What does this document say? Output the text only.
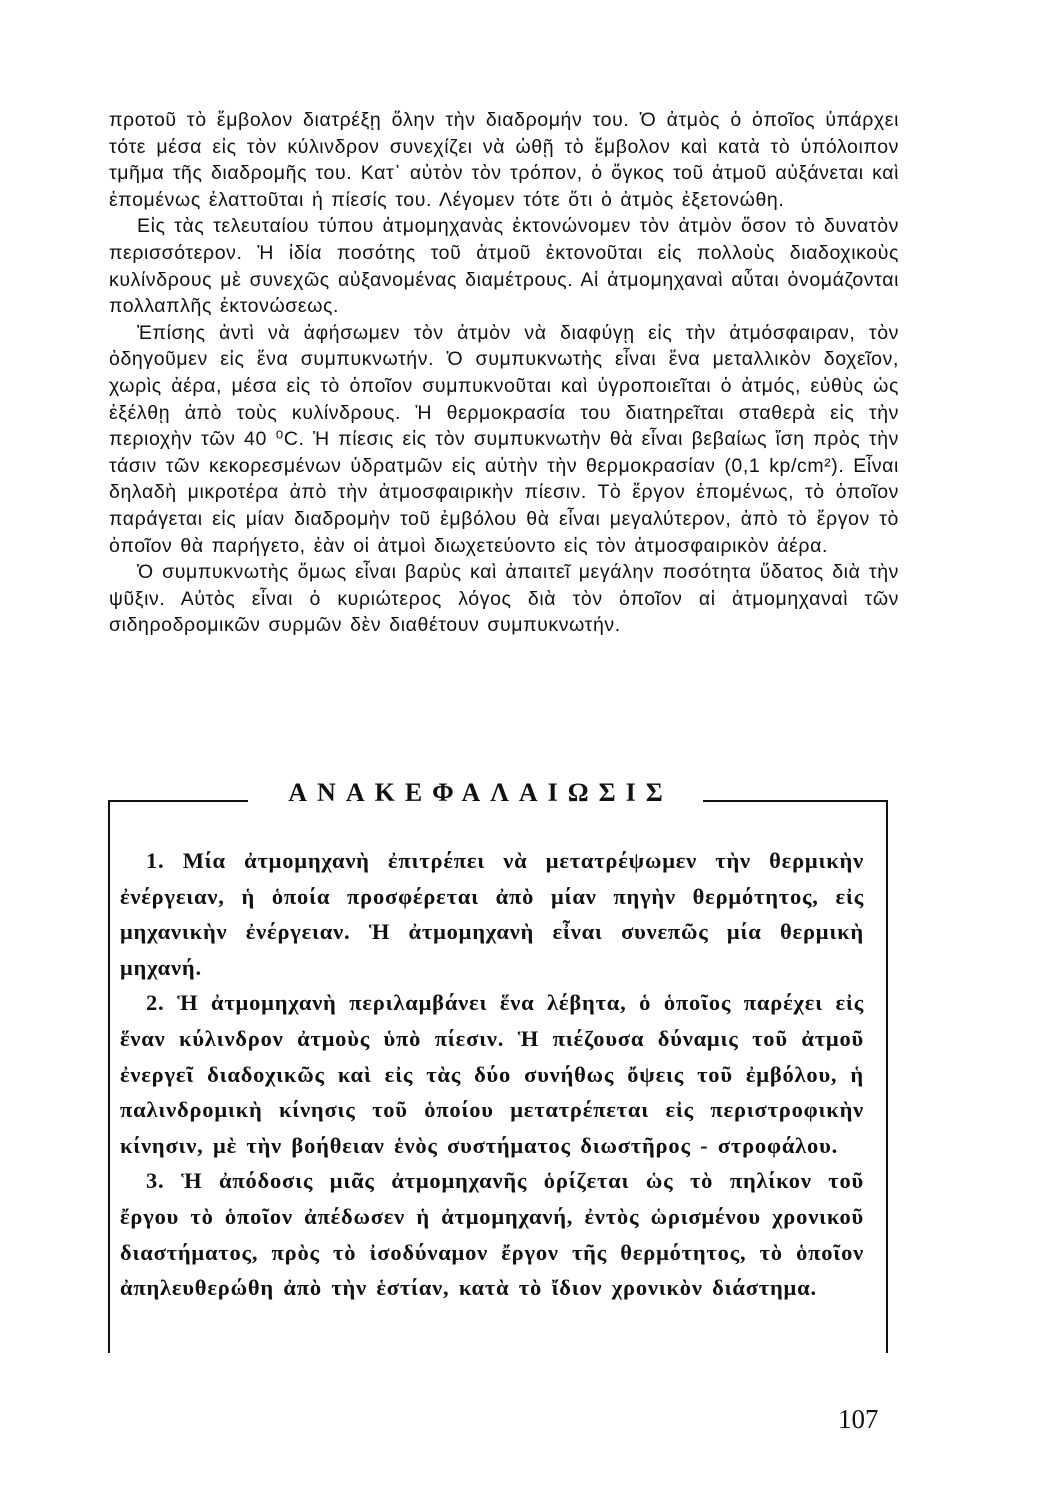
προτοῦ τὸ ἔμβολον διατρέξῃ ὅλην τὴν διαδρομήν του. Ὁ ἀτμὸς ὁ ὁποῖος ὑπάρχει τότε μέσα εἰς τὸν κύλινδρον συνεχίζει νὰ ὠθῇ τὸ ἔμβολον καὶ κατὰ τὸ ὑπόλοιπον τμῆμα τῆς διαδρομῆς του. Κατ᾽ αὐτὸν τὸν τρόπον, ὁ ὄγκος τοῦ ἀτμοῦ αὐξάνεται καὶ ἑπομένως ἐλαττοῦται ἡ πίεσίς του. Λέγομεν τότε ὅτι ὁ ἀτμὸς ἐξετονώθη.

Εἰς τὰς τελευταίου τύπου ἀτμομηχανὰς ἐκτονώνομεν τὸν ἀτμὸν ὅσον τὸ δυνατὸν περισσότερον. Ἡ ἰδία ποσότης τοῦ ἀτμοῦ ἐκτονοῦται εἰς πολλοὺς διαδοχικοὺς κυλίνδρους μὲ συνεχῶς αὐξανομένας διαμέτρους. Αἱ ἀτμομηχαναὶ αὗται ὀνομάζονται πολλαπλῆς ἐκτονώσεως.

Ἐπίσης ἀντὶ νὰ ἀφήσωμεν τὸν ἀτμὸν νὰ διαφύγῃ εἰς τὴν ἀτμόσφαιραν, τὸν ὁδηγοῦμεν εἰς ἕνα συμπυκνωτήν. Ὁ συμπυκνωτὴς εἶναι ἕνα μεταλλικὸν δοχεῖον, χωρὶς ἀέρα, μέσα εἰς τὸ ὁποῖον συμπυκνοῦται καὶ ὑγροποιεῖται ὁ ἀτμός, εὐθὺς ὡς ἐξέλθῃ ἀπὸ τοὺς κυλίνδρους. Ἡ θερμοκρασία του διατηρεῖται σταθερὰ εἰς τὴν περιοχὴν τῶν 40 ⁰C. Ἡ πίεσις εἰς τὸν συμπυκνωτὴν θὰ εἶναι βεβαίως ἴση πρὸς τὴν τάσιν τῶν κεκορεσμένων ὑδρατμῶν εἰς αὐτὴν τὴν θερμοκρασίαν (0,1 kp/cm²). Εἶναι δηλαδὴ μικροτέρα ἀπὸ τὴν ἀτμοσφαιρικὴν πίεσιν. Τὸ ἔργον ἑπομένως, τὸ ὁποῖον παράγεται εἰς μίαν διαδρομὴν τοῦ ἐμβόλου θὰ εἶναι μεγαλύτερον, ἀπὸ τὸ ἔργον τὸ ὁποῖον θὰ παρήγετο, ἐὰν οἱ ἀτμοὶ διωχετεύοντο εἰς τὸν ἀτμοσφαιρικὸν ἀέρα.

Ὁ συμπυκνωτὴς ὅμως εἶναι βαρὺς καὶ ἀπαιτεῖ μεγάλην ποσότητα ὕδατος διὰ τὴν ψῦξιν. Αὐτὸς εἶναι ὁ κυριώτερος λόγος διὰ τὸν ὁποῖον αἱ ἀτμομηχαναὶ τῶν σιδηροδρομικῶν συρμῶν δὲν διαθέτουν συμπυκνωτήν.

ΑΝΑΚΕΦΑΛΑΙΩΣΙΣ

1. Μία ἀτμομηχανὴ ἐπιτρέπει νὰ μετατρέψωμεν τὴν θερμικὴν ἐνέργειαν, ἡ ὁποία προσφέρεται ἀπὸ μίαν πηγὴν θερμότητος, εἰς μηχανικὴν ἐνέργειαν. Ἡ ἀτμομηχανὴ εἶναι συνεπῶς μία θερμικὴ μηχανή.

2. Ἡ ἀτμομηχανὴ περιλαμβάνει ἕνα λέβητα, ὁ ὁποῖος παρέχει εἰς ἕναν κύλινδρον ἀτμοὺς ὑπὸ πίεσιν. Ἡ πιέζουσα δύναμις τοῦ ἀτμοῦ ἐνεργεῖ διαδοχικῶς καὶ εἰς τὰς δύο συνήθως ὄψεις τοῦ ἐμβόλου, ἡ παλινδρομικὴ κίνησις τοῦ ὁποίου μετατρέπεται εἰς περιστροφικὴν κίνησιν, μὲ τὴν βοήθειαν ἑνὸς συστήματος διωστῆρος - στροφάλου.

3. Ἡ ἀπόδοσις μιᾶς ἀτμομηχανῆς ὁρίζεται ὡς τὸ πηλίκον τοῦ ἔργου τὸ ὁποῖον ἀπέδωσεν ἡ ἀτμομηχανή, ἐντὸς ὡρισμένου χρονικοῦ διαστήματος, πρὸς τὸ ἰσοδύναμον ἔργον τῆς θερμότητος, τὸ ὁποῖον ἀπηλευθερώθη ἀπὸ τὴν ἑστίαν, κατὰ τὸ ἴδιον χρονικὸν διάστημα.

107
